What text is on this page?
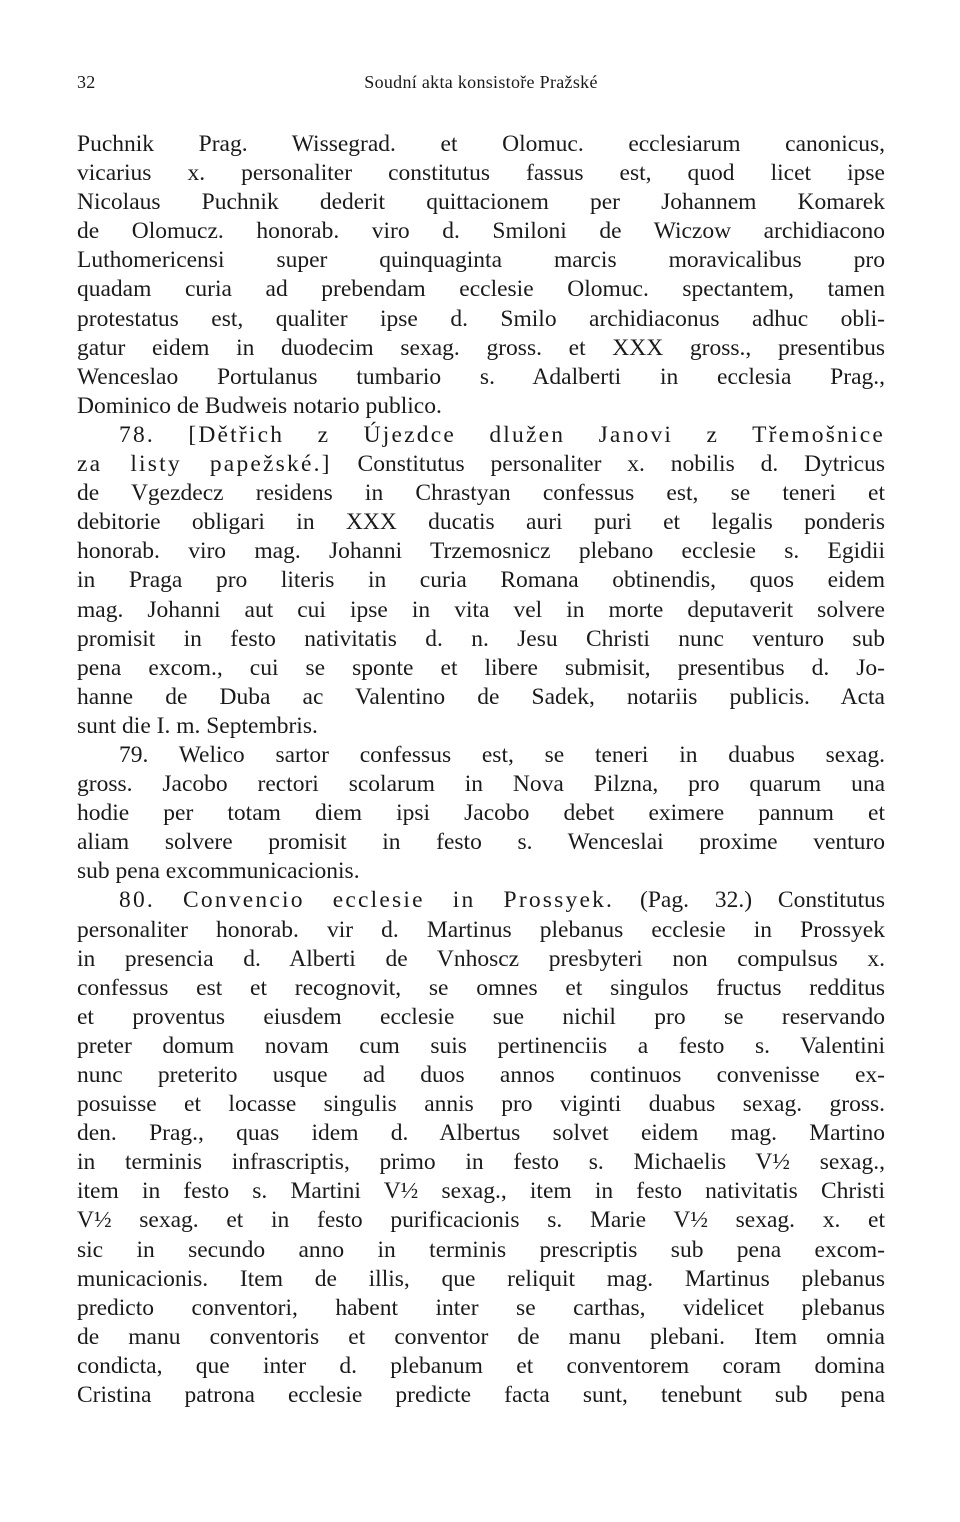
32	Soudní akta konsistoře Pražské
Puchnik Prag. Wissegrad. et Olomuc. ecclesiarum canonicus,
vicarius x. personaliter constitutus fassus est, quod licet ipse
Nicolaus Puchnik dederit quittacionem per Johannem Komarek
de Olomucz. honorab. viro d. Smiloni de Wiczow archidiacono
Luthomericensi super quinquaginta marcis moravicalibus pro
quadam curia ad prebendam ecclesie Olomuc. spectantem, tamen
protestatus est, qualiter ipse d. Smilo archidiaconus adhuc obli-
gatur eidem in duodecim sexag. gross. et XXX gross., presentibus
Wenceslao Portulanus tumbario s. Adalberti in ecclesia Prag.,
Dominico de Budweis notario publico.
78. [Dětřich z Újezdce dlužen Janovi z Třemošnice
za listy papežské.] Constitutus personaliter x. nobilis d. Dytricus
de Vgezdecz residens in Chrastyan confessus est, se teneri et
debitorie obligari in XXX ducatis auri puri et legalis ponderis
honorab. viro mag. Johanni Trzemosnicz plebano ecclesie s. Egidii
in Praga pro literis in curia Romana obtinendis, quos eidem
mag. Johanni aut cui ipse in vita vel in morte deputaverit solvere
promisit in festo nativitatis d. n. Jesu Christi nunc venturo sub
pena excom., cui se sponte et libere submisit, presentibus d. Jo-
hanne de Duba ac Valentino de Sadek, notariis publicis. Acta
sunt die I. m. Septembris.
79. Welico sartor confessus est, se teneri in duabus sexag.
gross. Jacobo rectori scolarum in Nova Pilzna, pro quarum una
hodie per totam diem ipsi Jacobo debet eximere pannum et
aliam solvere promisit in festo s. Wenceslai proxime venturo
sub pena excommunicacionis.
80. Convencio ecclesie in Prossyek. (Pag. 32.) Constitutus
personaliter honorab. vir d. Martinus plebanus ecclesie in Prossyek
in presencia d. Alberti de Vnhoscz presbyteri non compulsus x.
confessus est et recognovit, se omnes et singulos fructus redditus
et proventus eiusdem ecclesie sue nichil pro se reservando
preter domum novam cum suis pertinenciis a festo s. Valentini
nunc preterito usque ad duos annos continuos convenisse ex-
posuisse et locasse singulis annis pro viginti duabus sexag. gross.
den. Prag., quas idem d. Albertus solvet eidem mag. Martino
in terminis infrascriptis, primo in festo s. Michaelis V½ sexag.,
item in festo s. Martini V½ sexag., item in festo nativitatis Christi
V½ sexag. et in festo purificacionis s. Marie V½ sexag. x. et
sic in secundo anno in terminis prescriptis sub pena excom-
municacionis. Item de illis, que reliquit mag. Martinus plebanus
predicto conventori, habent inter se carthas, videlicet plebanus
de manu conventoris et conventor de manu plebani. Item omnia
condicta, que inter d. plebanum et conventorem coram domina
Cristina patrona ecclesie predicte facta sunt, tenebunt sub pena
